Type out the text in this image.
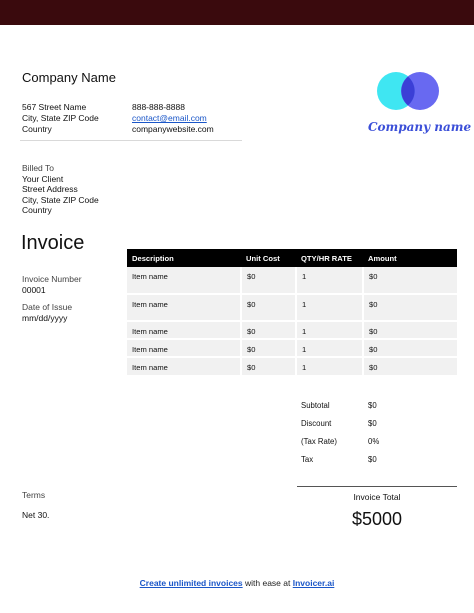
Company Name
567 Street Name
City, State ZIP Code
Country
888-888-8888
contact@email.com
companywebsite.com	Company name
Billed To
Your Client
Street Address
City, State ZIP Code
Country
Invoice
Invoice Number
00001
Date of Issue
mm/dd/yyyy
Description	Unit Cost	QTY/HR RATE	Amount
Item name	$0	1	$0
Item name	$0	1	$0
Item name	$0	1	$0
Item name	$0	1	$0
Item name	$0	1	$0
Subtotal	$0
Discount	$0
(Tax Rate)	0%
Tax	$0
Invoice Total
$5000
Terms
Net 30.
Create unlimited invoices with ease at Invoicer.ai
